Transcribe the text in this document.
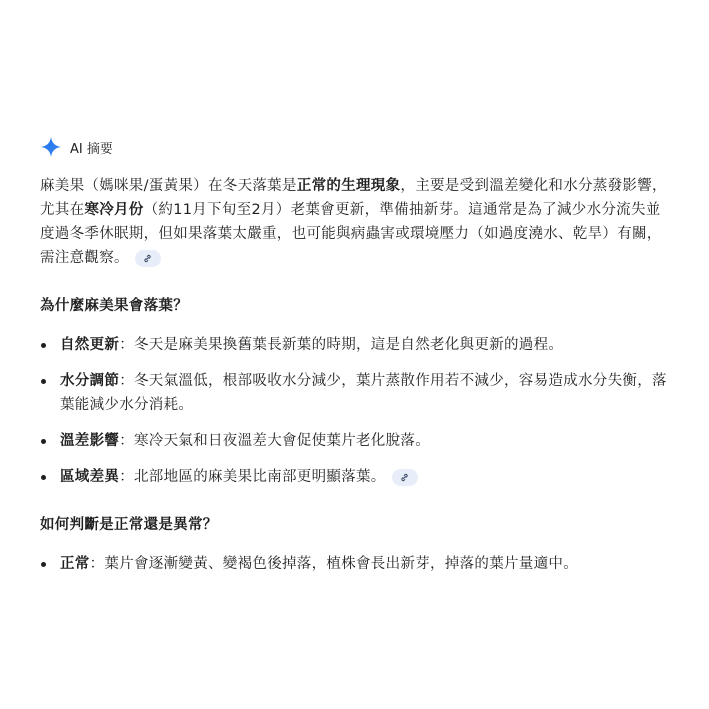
AI 摘要

麻美果（媽咪果/蛋黃果）在冬天落葉是正常的生理現象，主要是受到溫差變化和水分蒸發影響，尤其在寒冷月份（約11月下旬至2月）老葉會更新，準備抽新芽。這通常是為了減少水分流失並度過冬季休眠期，但如果落葉太嚴重，也可能與病蟲害或環境壓力（如過度澆水、乾旱）有關，需注意觀察。

為什麼麻美果會落葉？
自然更新：冬天是麻美果換舊葉長新葉的時期，這是自然老化與更新的過程。
水分調節：冬天氣溫低，根部吸收水分減少，葉片蒸散作用若不減少，容易造成水分失衡，落葉能減少水分消耗。
溫差影響：寒冷天氣和日夜溫差大會促使葉片老化脫落。
區域差異：北部地區的麻美果比南部更明顯落葉。
如何判斷是正常還是異常？
正常：葉片會逐漸變黃、變褐色後掉落，植株會長出新芽，掉落的葉片量適中。
